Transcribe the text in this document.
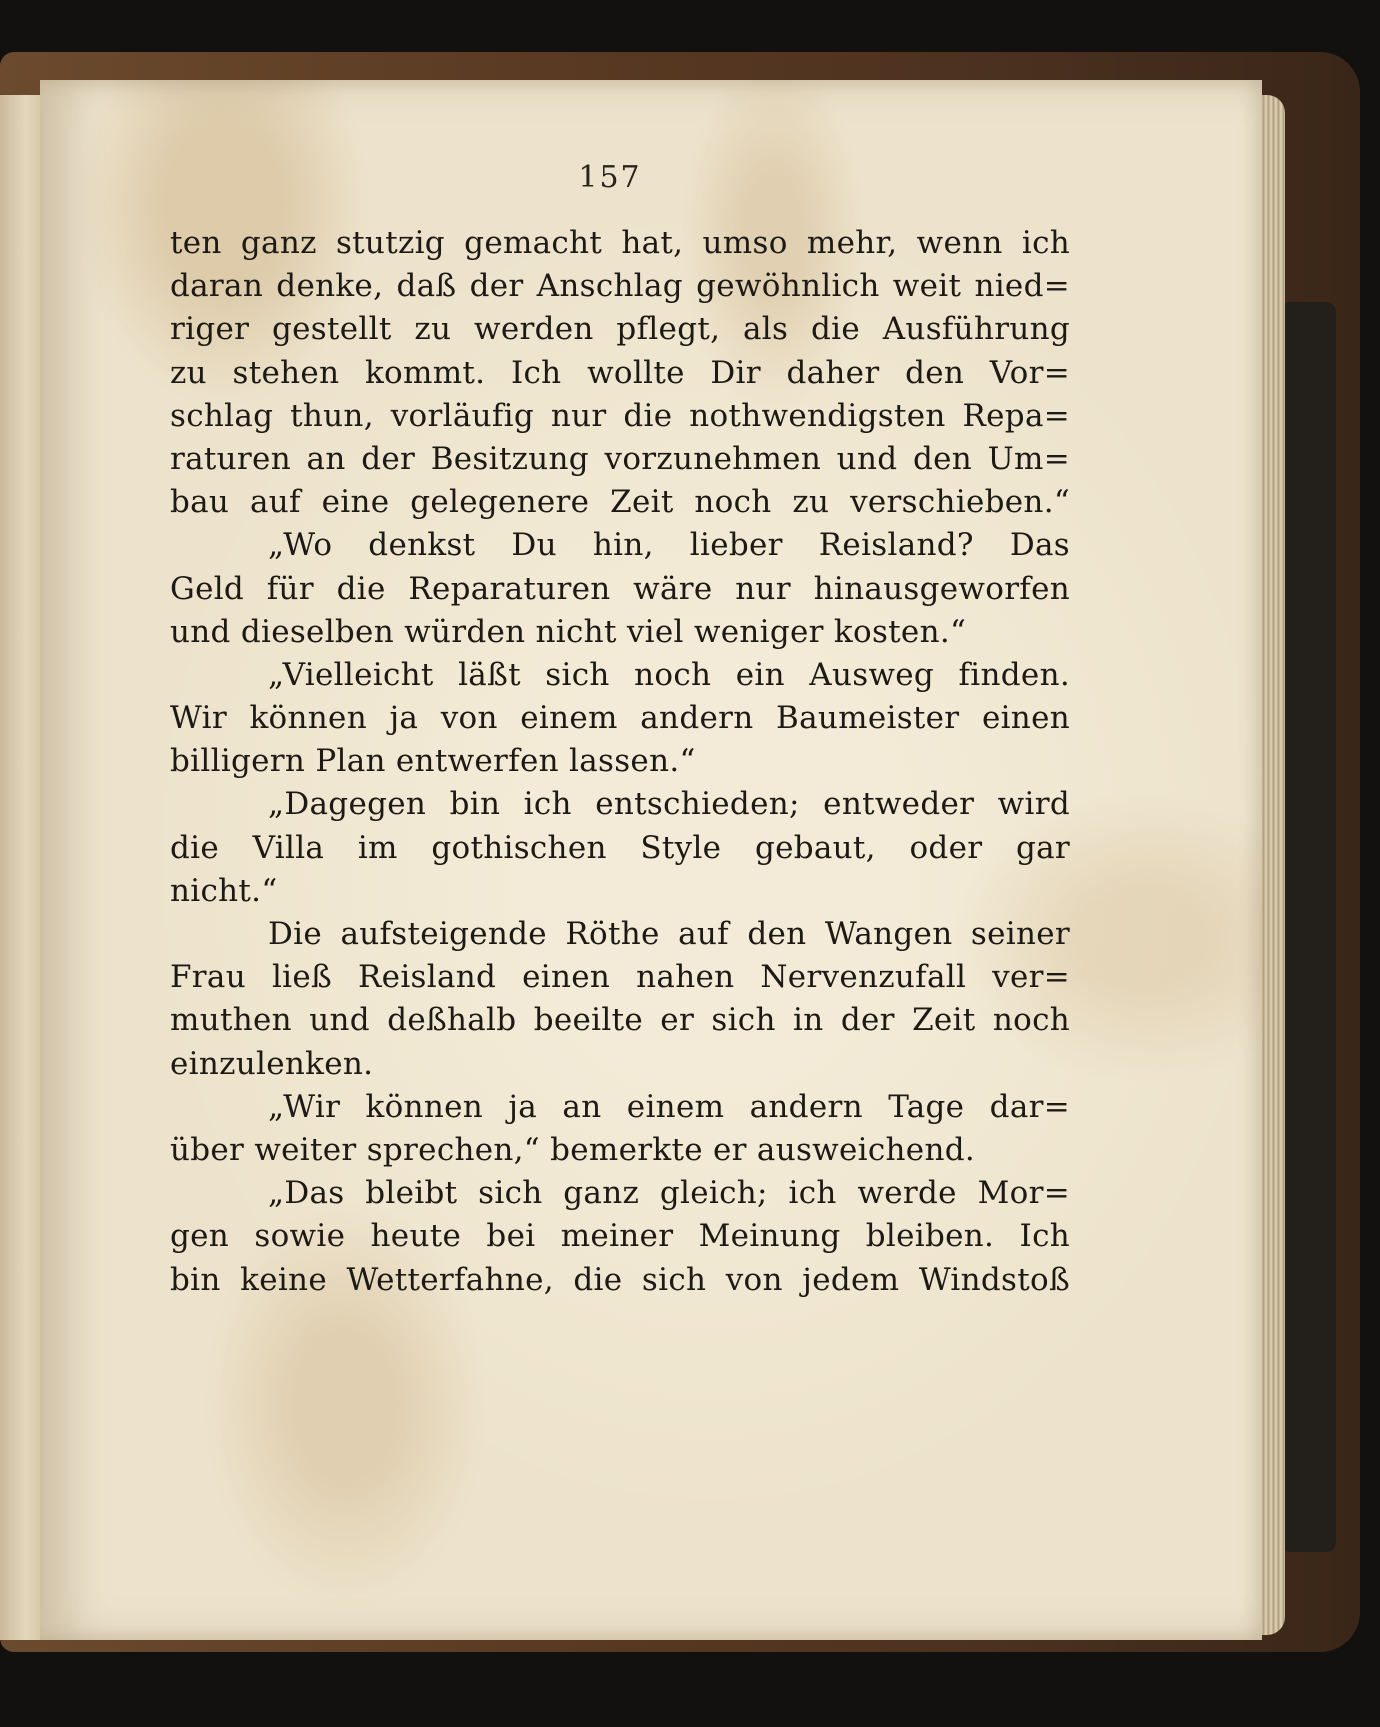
157
ten ganz stutzig gemacht hat, umso mehr, wenn ich
daran denke, daß der Anschlag gewöhnlich weit nied=
riger gestellt zu werden pflegt, als die Ausführung
zu stehen kommt. Ich wollte Dir daher den Vor=
schlag thun, vorläufig nur die nothwendigsten Repa=
raturen an der Besitzung vorzunehmen und den Um=
bau auf eine gelegenere Zeit noch zu verschieben.“
„Wo denkst Du hin, lieber Reisland? Das
Geld für die Reparaturen wäre nur hinausgeworfen
und dieselben würden nicht viel weniger kosten.“
„Vielleicht läßt sich noch ein Ausweg finden.
Wir können ja von einem andern Baumeister einen
billigern Plan entwerfen lassen.“
„Dagegen bin ich entschieden; entweder wird
die Villa im gothischen Style gebaut, oder gar
nicht.“
Die aufsteigende Röthe auf den Wangen seiner
Frau ließ Reisland einen nahen Nervenzufall ver=
muthen und deßhalb beeilte er sich in der Zeit noch
einzulenken.
„Wir können ja an einem andern Tage dar=
über weiter sprechen,“ bemerkte er ausweichend.
„Das bleibt sich ganz gleich; ich werde Mor=
gen sowie heute bei meiner Meinung bleiben. Ich
bin keine Wetterfahne, die sich von jedem Windstoß
